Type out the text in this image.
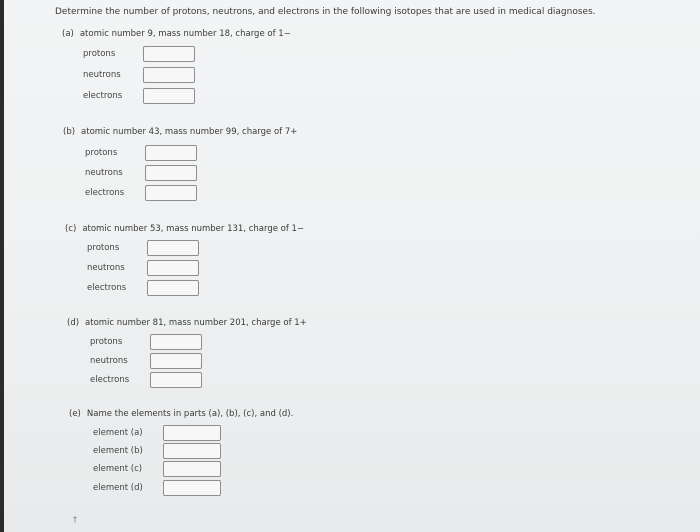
Determine the number of protons, neutrons, and electrons in the following isotopes that are used in medical diagnoses.
(a) atomic number 9, mass number 18, charge of 1−
protons
neutrons
electrons
(b) atomic number 43, mass number 99, charge of 7+
protons
neutrons
electrons
(c) atomic number 53, mass number 131, charge of 1−
protons
neutrons
electrons
(d) atomic number 81, mass number 201, charge of 1+
protons
neutrons
electrons
(e) Name the elements in parts (a), (b), (c), and (d).
element (a)
element (b)
element (c)
element (d)
†
